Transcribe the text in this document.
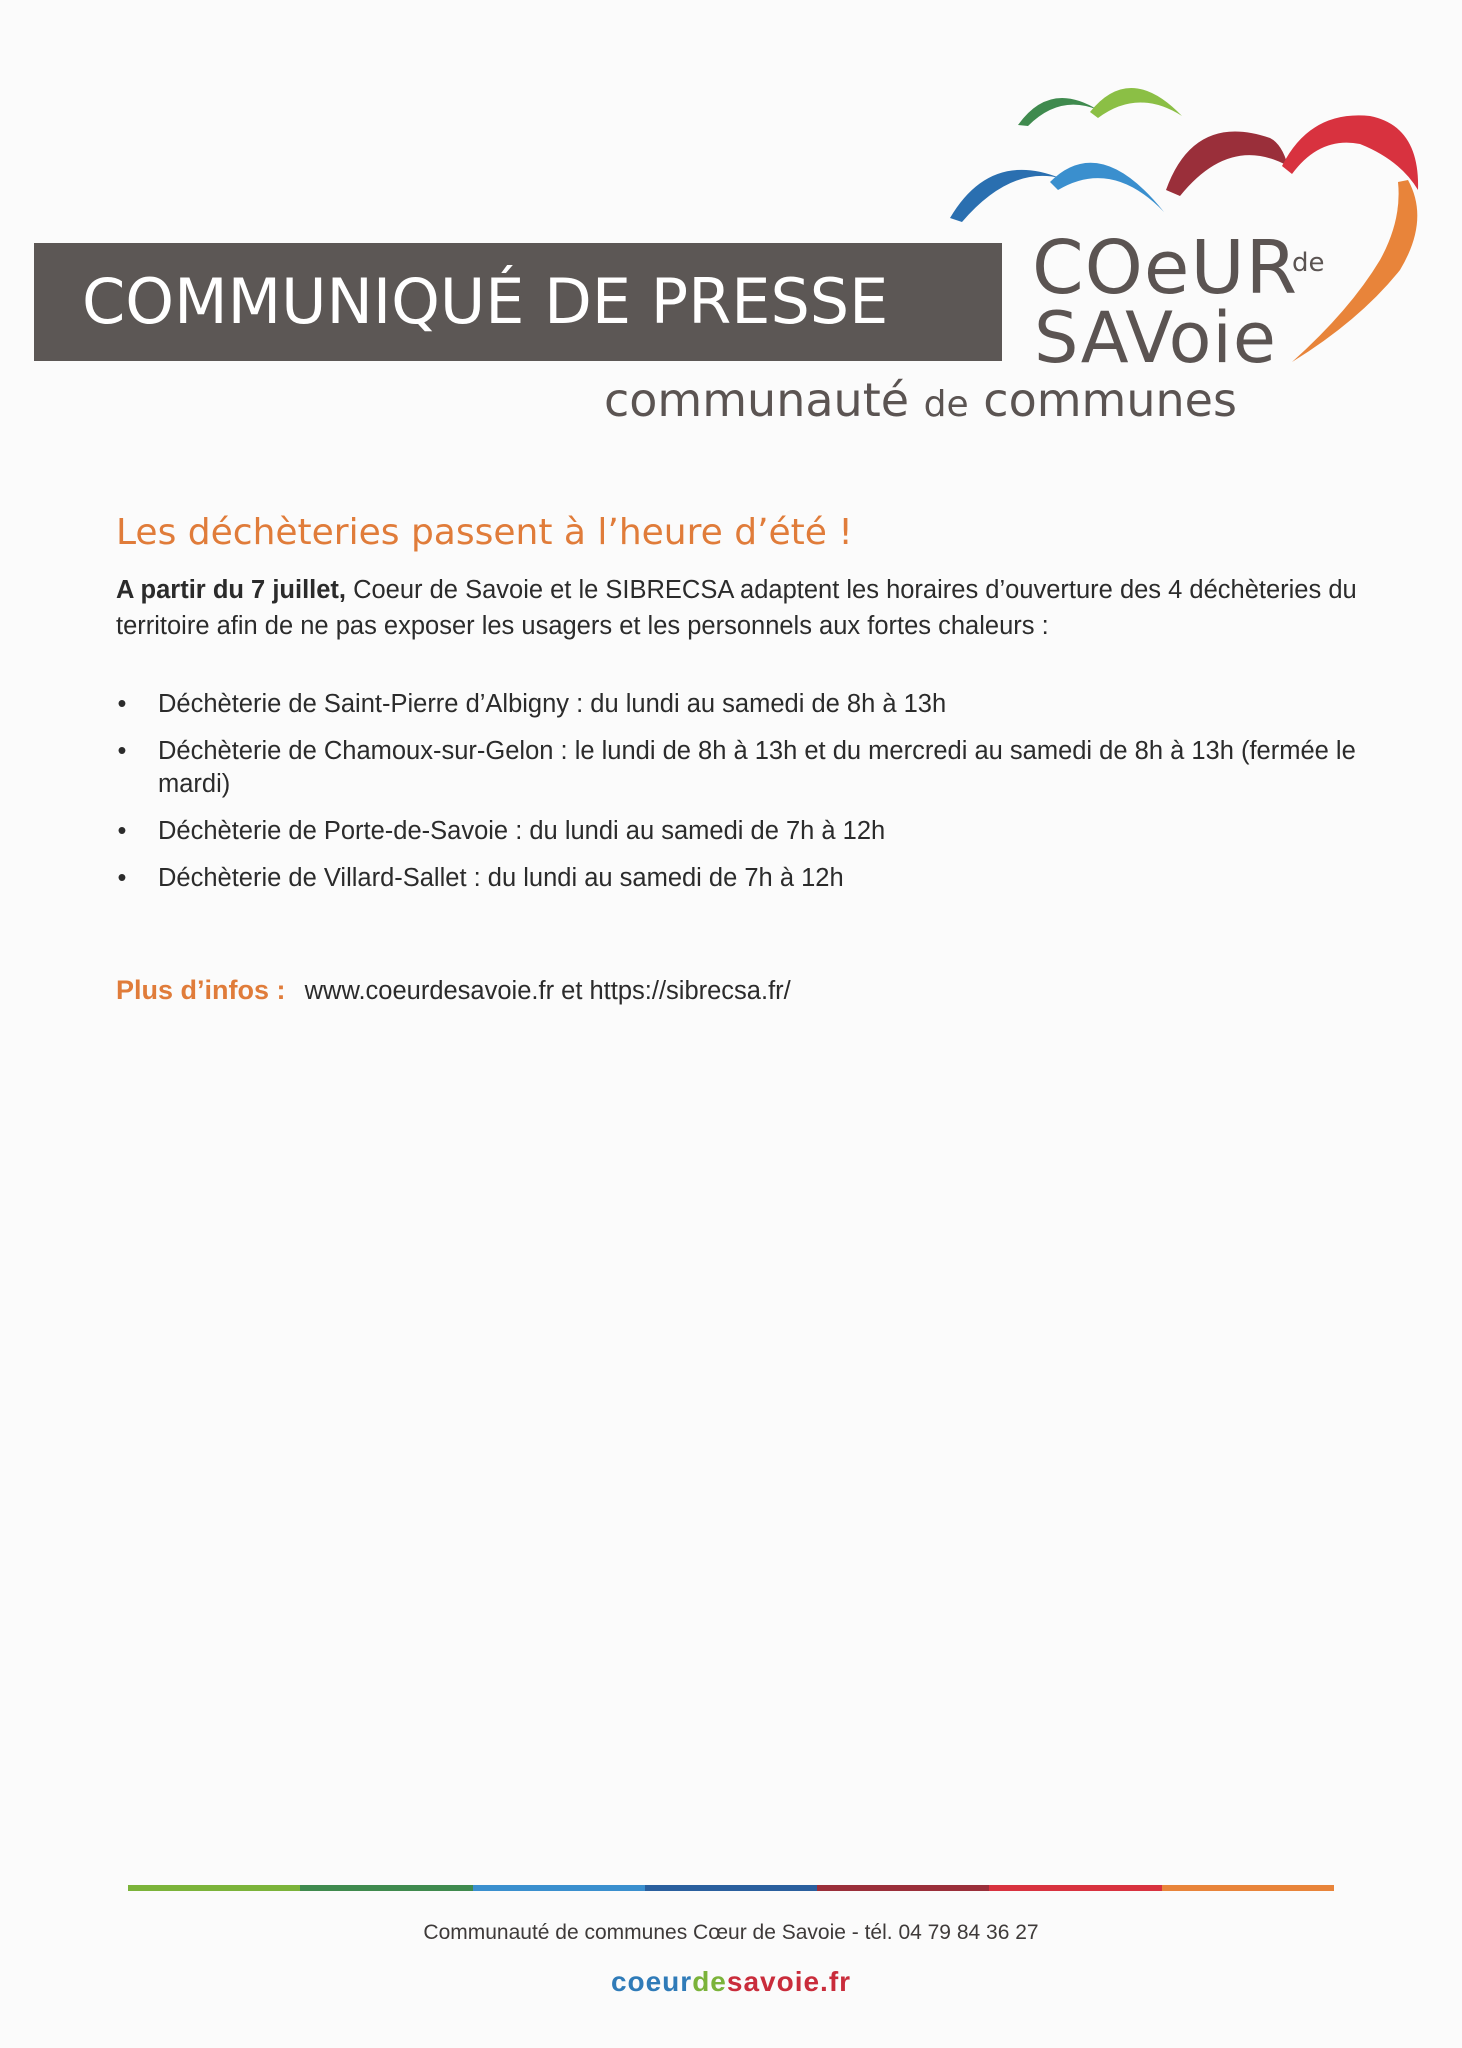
COMMUNIQUÉ DE PRESSE COeUR
de
SAVoie
communauté de communes
Les déchèteries passent à l’heure d’été !
A partir du 7 juillet, Coeur de Savoie et le SIBRECSA adaptent les horaires d’ouverture des 4 déchèteries du territoire afin de ne pas exposer les usagers et les personnels aux fortes chaleurs :
• Déchèterie de Saint-Pierre d’Albigny : du lundi au samedi de 8h à 13h
• Déchèterie de Chamoux-sur-Gelon : le lundi de 8h à 13h et du mercredi au samedi de 8h à 13h (fermée le mardi)
• Déchèterie de Porte-de-Savoie : du lundi au samedi de 7h à 12h
• Déchèterie de Villard-Sallet : du lundi au samedi de 7h à 12h
Plus d’infos : www.coeurdesavoie.fr et https://sibrecsa.fr/
Communauté de communes Cœur de Savoie - tél. 04 79 84 36 27
coeurdesavoie.fr
